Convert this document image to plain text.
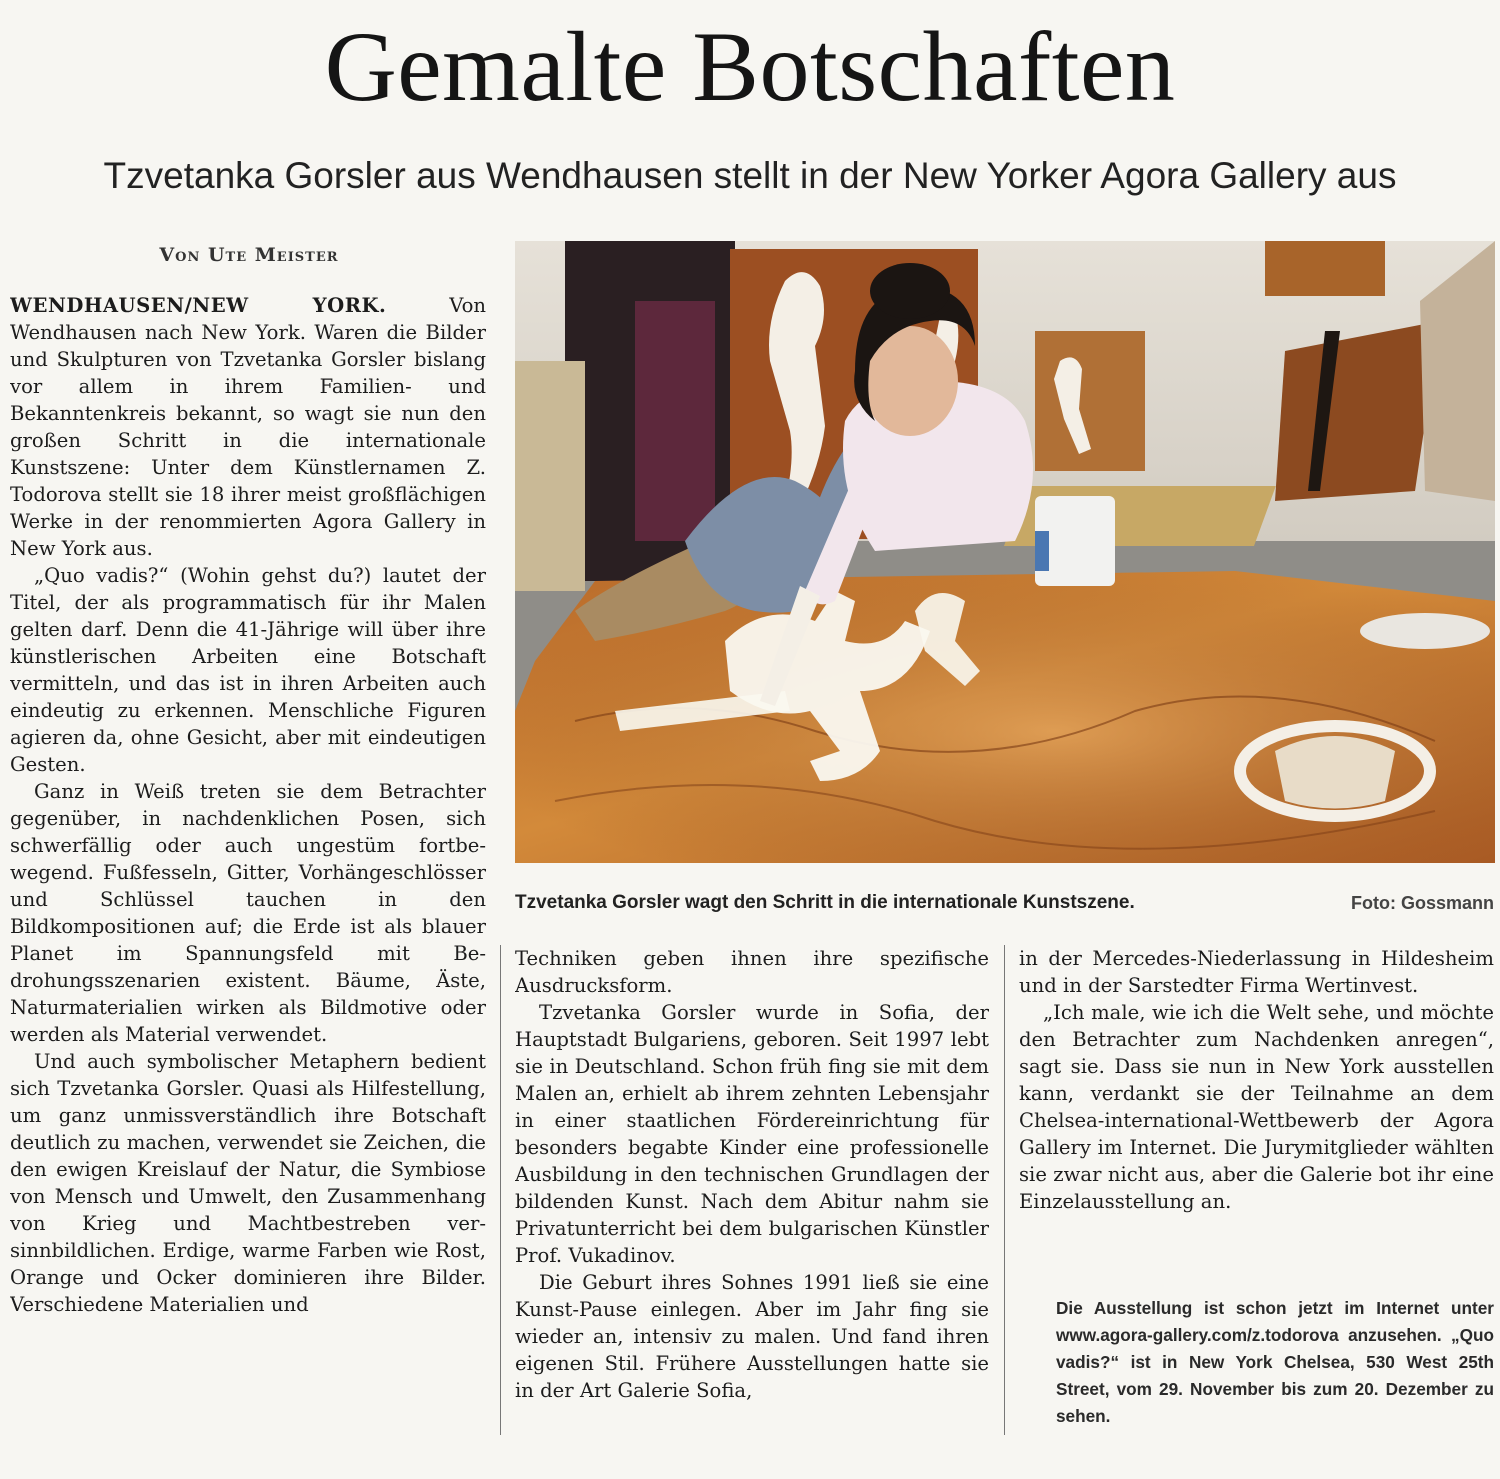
Gemalte Botschaften
Tzvetanka Gorsler aus Wendhausen stellt in der New Yorker Agora Gallery aus
Von Ute Meister

WENDHAUSEN/NEW YORK. Von Wendhausen nach New York. Waren die Bilder und Skulpturen von Tzvetanka Gorsler bislang vor allem in ihrem Familien- und Bekanntenkreis bekannt, so wagt sie nun den großen Schritt in die internationale Kunstszene: Unter dem Künstlernamen Z. Todorova stellt sie 18 ihrer meist großflächigen Werke in der renommierten Agora Gallery in New York aus.

„Quo vadis?“ (Wohin gehst du?) lautet der Titel, der als programmatisch für ihr Malen gelten darf. Denn die 41-Jährige will über ihre künstlerischen Arbeiten eine Botschaft vermitteln, und das ist in ihren Arbeiten auch eindeutig zu erkennen. Menschliche Figuren agieren da, ohne Gesicht, aber mit eindeutigen Gesten.

Ganz in Weiß treten sie dem Betrachter gegenüber, in nachdenklichen Posen, sich schwerfällig oder auch ungestüm fortbewegend. Fußfesseln, Gitter, Vorhängeschlösser und Schlüssel tauchen in den Bildkompositionen auf; die Erde ist als blauer Planet im Spannungsfeld mit Bedrohungsszenarien existent. Bäume, Äste, Naturmaterialien wirken als Bildmotive oder werden als Material verwendet.

Und auch symbolischer Metaphern bedient sich Tzvetanka Gorsler. Quasi als Hilfestellung, um ganz unmissverständlich ihre Botschaft deutlich zu machen, verwendet sie Zeichen, die den ewigen Kreislauf der Natur, die Symbiose von Mensch und Umwelt, den Zusammenhang von Krieg und Machtbestreben versinnbildlichen. Erdige, warme Farben wie Rost, Orange und Ocker dominieren ihre Bilder. Verschiedene Materialien und

Tzvetanka Gorsler wagt den Schritt in die internationale Kunstszene.	Foto: Gossmann

Techniken geben ihnen ihre spezifische Ausdrucksform.

Tzvetanka Gorsler wurde in Sofia, der Hauptstadt Bulgariens, geboren. Seit 1997 lebt sie in Deutschland. Schon früh fing sie mit dem Malen an, erhielt ab ihrem zehnten Lebensjahr in einer staatlichen Fördereinrichtung für besonders begabte Kinder eine professionelle Ausbildung in den technischen Grundlagen der bildenden Kunst. Nach dem Abitur nahm sie Privatunterricht bei dem bulgarischen Künstler Prof. Vukadinov.

Die Geburt ihres Sohnes 1991 ließ sie eine Kunst-Pause einlegen. Aber im Jahr fing sie wieder an, intensiv zu malen. Und fand ihren eigenen Stil. Frühere Ausstellungen hatte sie in der Art Galerie Sofia,

in der Mercedes-Niederlassung in Hildesheim und in der Sarstedter Firma Wertinvest.

„Ich male, wie ich die Welt sehe, und möchte den Betrachter zum Nachdenken anregen“, sagt sie. Dass sie nun in New York ausstellen kann, verdankt sie der Teilnahme an dem Chelsea-international-Wettbewerb der Agora Gallery im Internet. Die Jurymitglieder wählten sie zwar nicht aus, aber die Galerie bot ihr eine Einzelausstellung an.

Die Ausstellung ist schon jetzt im Internet unter www.agora-gallery.com/z.todorova anzusehen. „Quo vadis?“ ist in New York Chelsea, 530 West 25th Street, vom 29. November bis zum 20. Dezember zu sehen.
